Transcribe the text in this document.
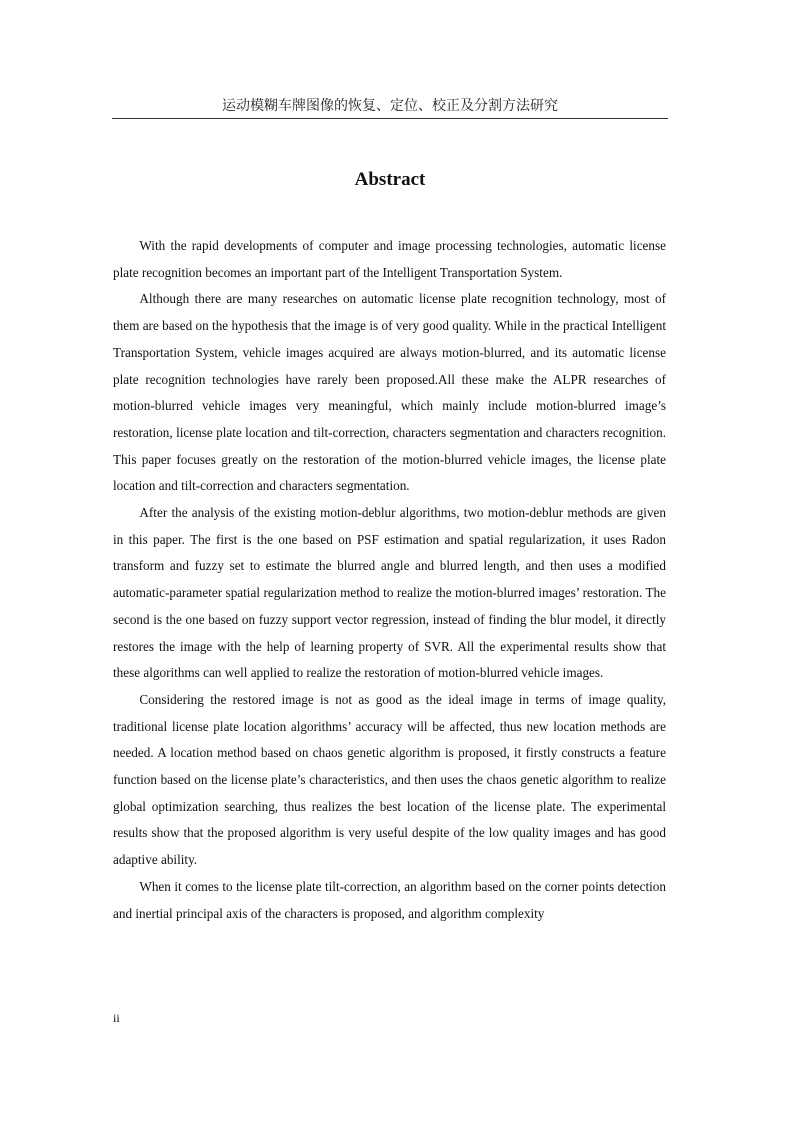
运动模糊车牌图像的恢复、定位、校正及分割方法研究
Abstract

With the rapid developments of computer and image processing technologies, automatic license plate recognition becomes an important part of the Intelligent Transportation System.

Although there are many researches on automatic license plate recognition technology, most of them are based on the hypothesis that the image is of very good quality. While in the practical Intelligent Transportation System, vehicle images acquired are always motion-blurred, and its automatic license plate recognition technologies have rarely been proposed.All these make the ALPR researches of motion-blurred vehicle images very meaningful, which mainly include motion-blurred image’s restoration, license plate location and tilt-correction, characters segmentation and characters recognition. This paper focuses greatly on the restoration of the motion-blurred vehicle images, the license plate location and tilt-correction and characters segmentation.

After the analysis of the existing motion-deblur algorithms, two motion-deblur methods are given in this paper. The first is the one based on PSF estimation and spatial regularization, it uses Radon transform and fuzzy set to estimate the blurred angle and blurred length, and then uses a modified automatic-parameter spatial regularization method to realize the motion-blurred images’ restoration. The second is the one based on fuzzy support vector regression, instead of finding the blur model, it directly restores the image with the help of learning property of SVR. All the experimental results show that these algorithms can well applied to realize the restoration of motion-blurred vehicle images.

Considering the restored image is not as good as the ideal image in terms of image quality, traditional license plate location algorithms’ accuracy will be affected, thus new location methods are needed. A location method based on chaos genetic algorithm is proposed, it firstly constructs a feature function based on the license plate’s characteristics, and then uses the chaos genetic algorithm to realize global optimization searching, thus realizes the best location of the license plate. The experimental results show that the proposed algorithm is very useful despite of the low quality images and has good adaptive ability.

When it comes to the license plate tilt-correction, an algorithm based on the corner points detection and inertial principal axis of the characters is proposed, and algorithm complexity

ii
